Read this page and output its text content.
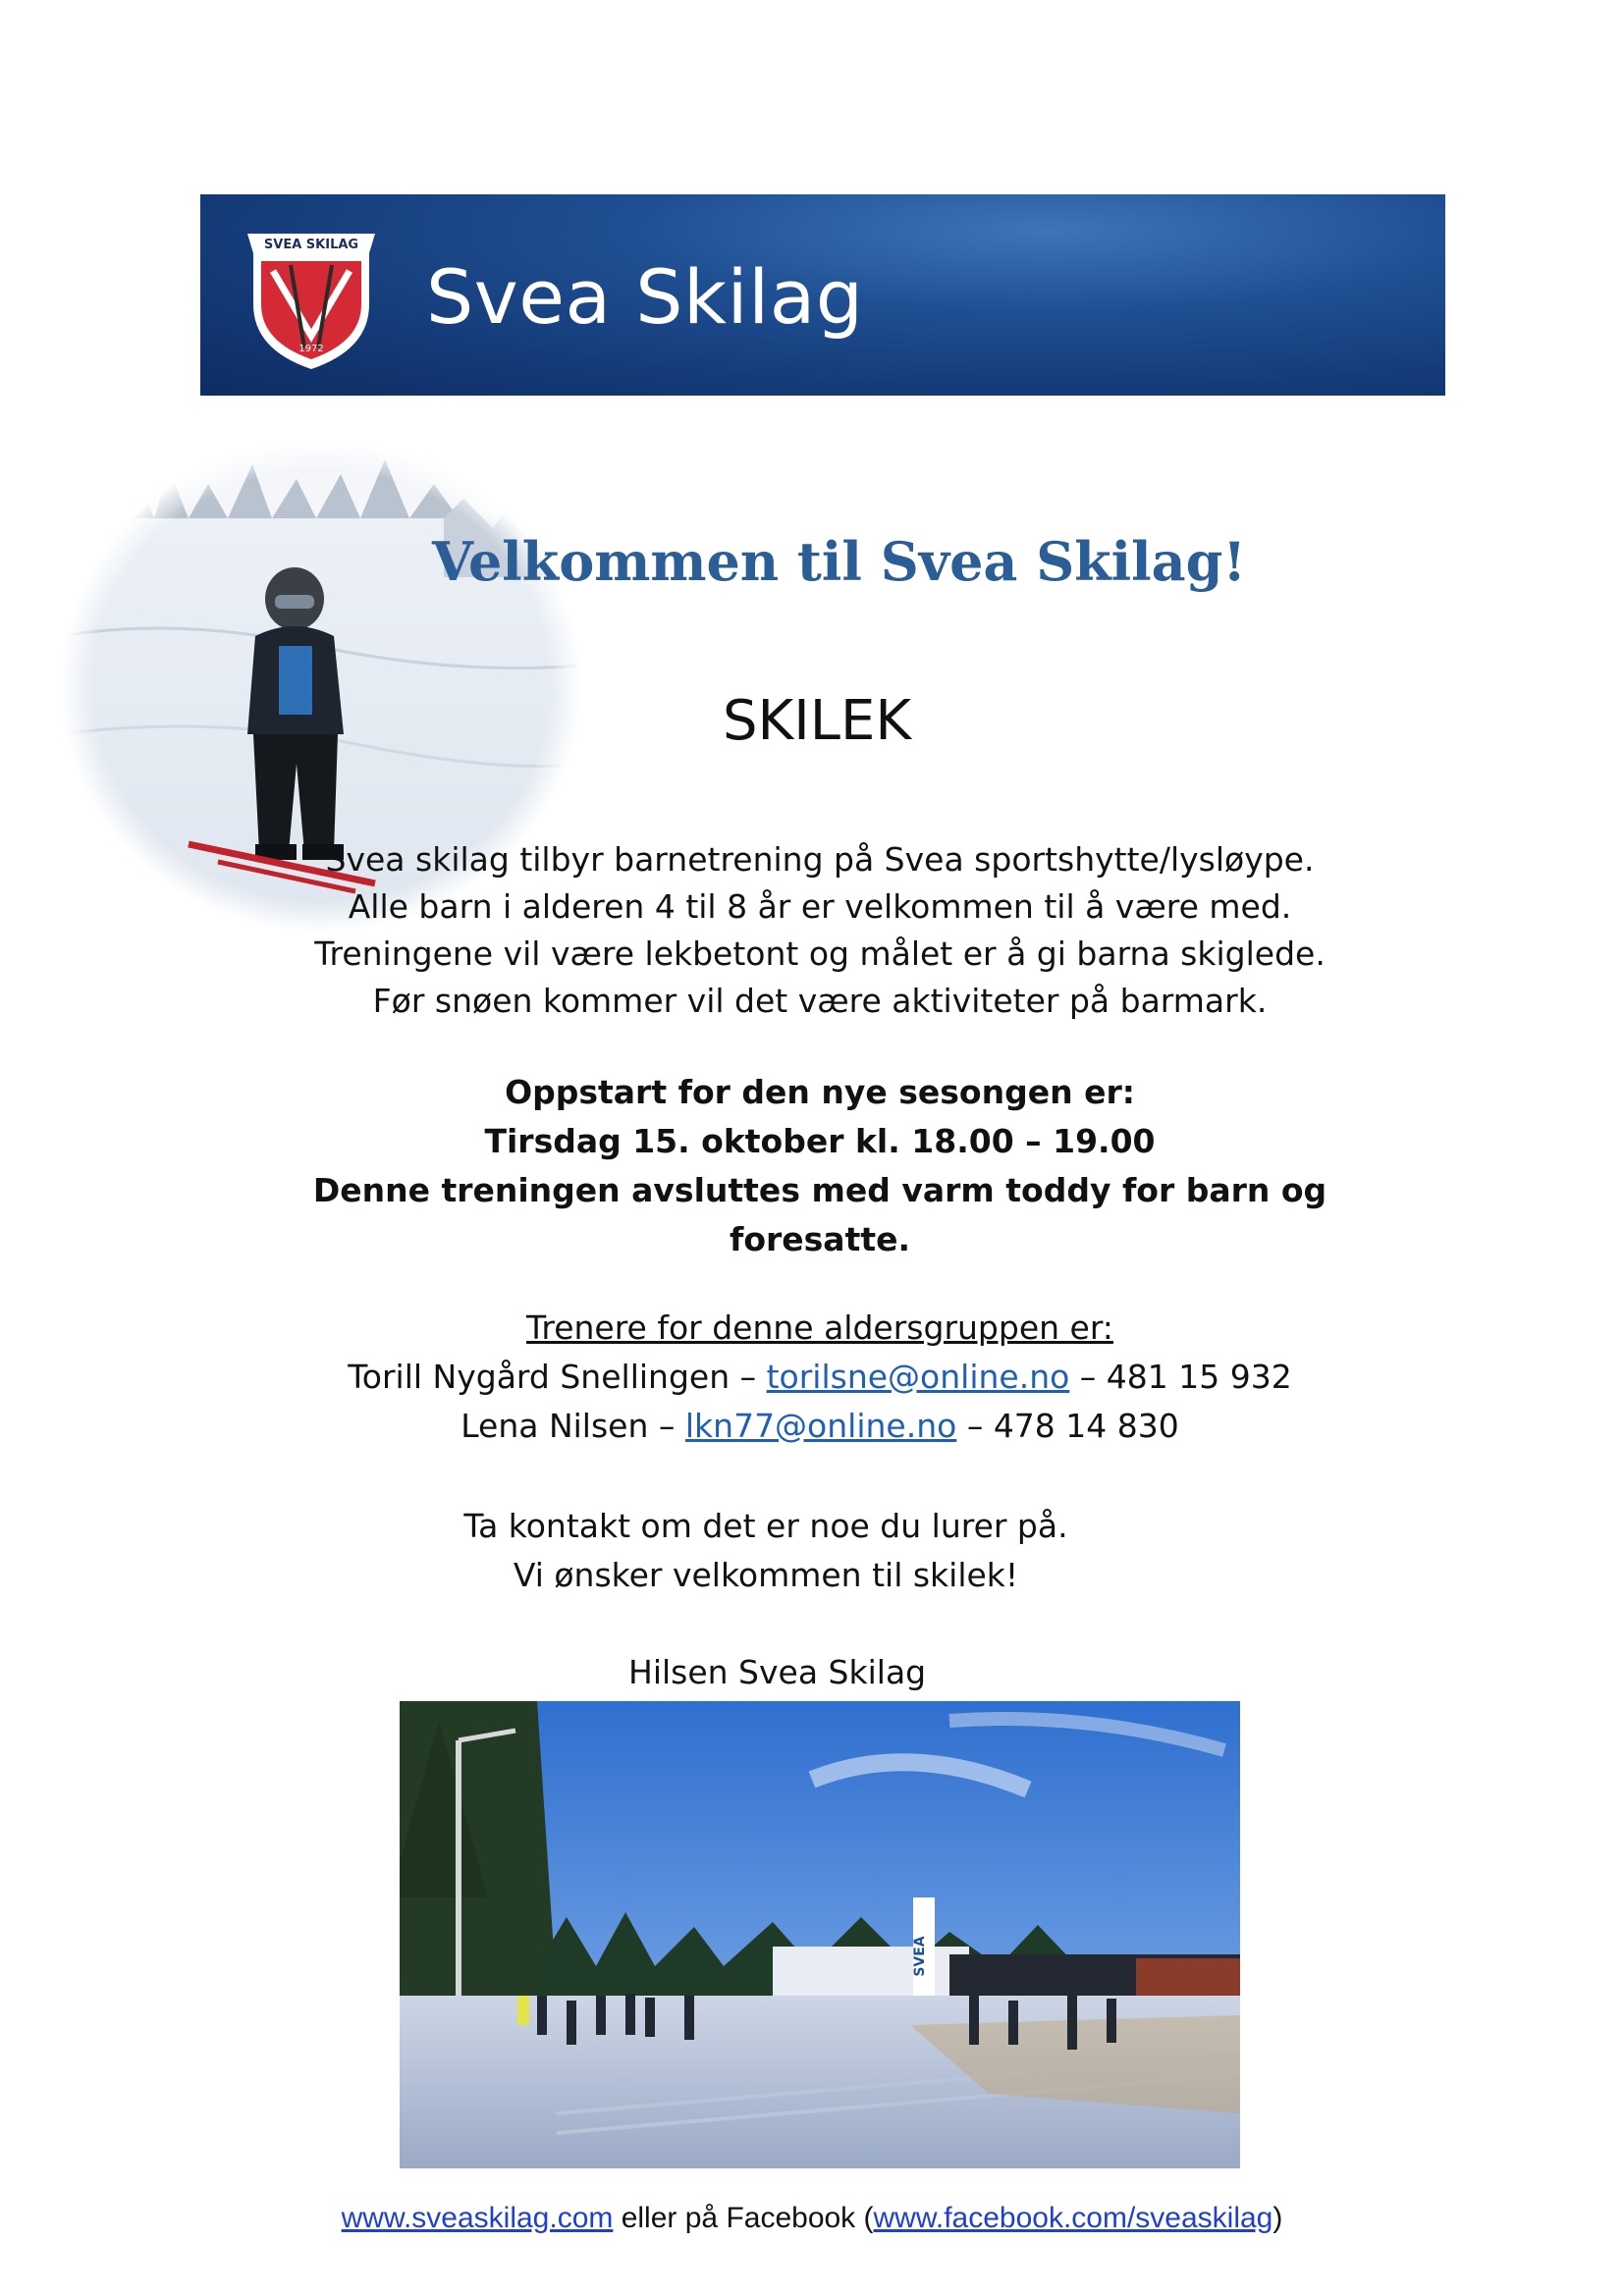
SVEA SKILAG
1972
Svea Skilag
Velkommen til Svea Skilag!
SKILEK
Svea skilag tilbyr barnetrening på Svea sportshytte/lysløype.
Alle barn i alderen 4 til 8 år er velkommen til å være med.
Treningene vil være lekbetont og målet er å gi barna skiglede.
Før snøen kommer vil det være aktiviteter på barmark.
Oppstart for den nye sesongen er:
Tirsdag 15. oktober kl. 18.00 – 19.00
Denne treningen avsluttes med varm toddy for barn og
foresatte.
Trenere for denne aldersgruppen er:
Torill Nygård Snellingen – torilsne@online.no – 481 15 932
Lena Nilsen – lkn77@online.no – 478 14 830
Ta kontakt om det er noe du lurer på.
Vi ønsker velkommen til skilek!
Hilsen Svea Skilag
SVEA
www.sveaskilag.com eller på Facebook (www.facebook.com/sveaskilag)
